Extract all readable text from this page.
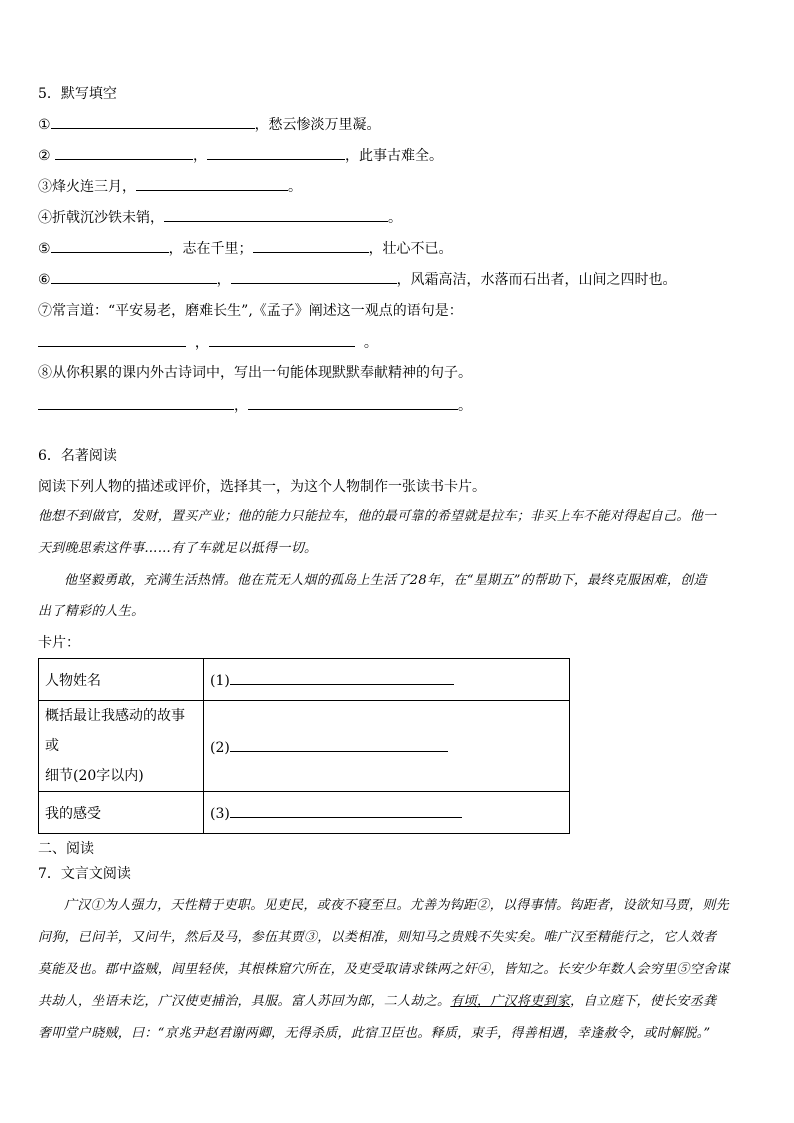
5．默写填空
①	，愁云惨淡万里凝。
②	，	，此事古难全。
③烽火连三月，	。
④折戟沉沙铁未销，	。
⑤	，志在千里；	，壮心不已。
⑥	，	，风霜高洁，水落而石出者，山间之四时也。
⑦常言道：“平安易老，磨难长生”,《孟子》阐述这一观点的语句是：
，	。
⑧从你积累的课内外古诗词中，写出一句能体现默默奉献精神的句子。
，	。
6．名著阅读
阅读下列人物的描述或评价，选择其一，为这个人物制作一张读书卡片。
他想不到做官，发财，置买产业；他的能力只能拉车，他的最可靠的希望就是拉车；非买上车不能对得起自己。他一
天到晚思索这件事……有了车就足以抵得一切。
他坚毅勇敢，充满生活热情。他在荒无人烟的孤岛上生活了28年，在“星期五”的帮助下，最终克服困难，创造
出了精彩的人生。
卡片：
人物姓名	(1)

概括最让我感动的故事或
细节(20字以内)	(2)
我的感受	(3)
二、阅读
7．文言文阅读
广汉①为人强力，天性精于吏职。见吏民，或夜不寝至旦。尤善为钩距②，以得事情。钩距者，设欲知马贾，则先
问狗，已问羊，又问牛，然后及马，参伍其贾③，以类相准，则知马之贵贱不失实矣。唯广汉至精能行之，它人效者
莫能及也。郡中盗贼，闾里轻侠，其根株窟穴所在，及吏受取请求铢两之奸④，皆知之。长安少年数人会穷里⑤空舍谋
共劫人，坐语未讫，广汉使吏捕治，具服。富人苏回为郎，二人劫之。有顷，广汉将吏到家，自立庭下，使长安丞龚
奢叩堂户晓贼，曰：“京兆尹赵君谢两卿，无得杀质，此宿卫臣也。释质，束手，得善相遇，幸逢赦令，或时解脱。”
